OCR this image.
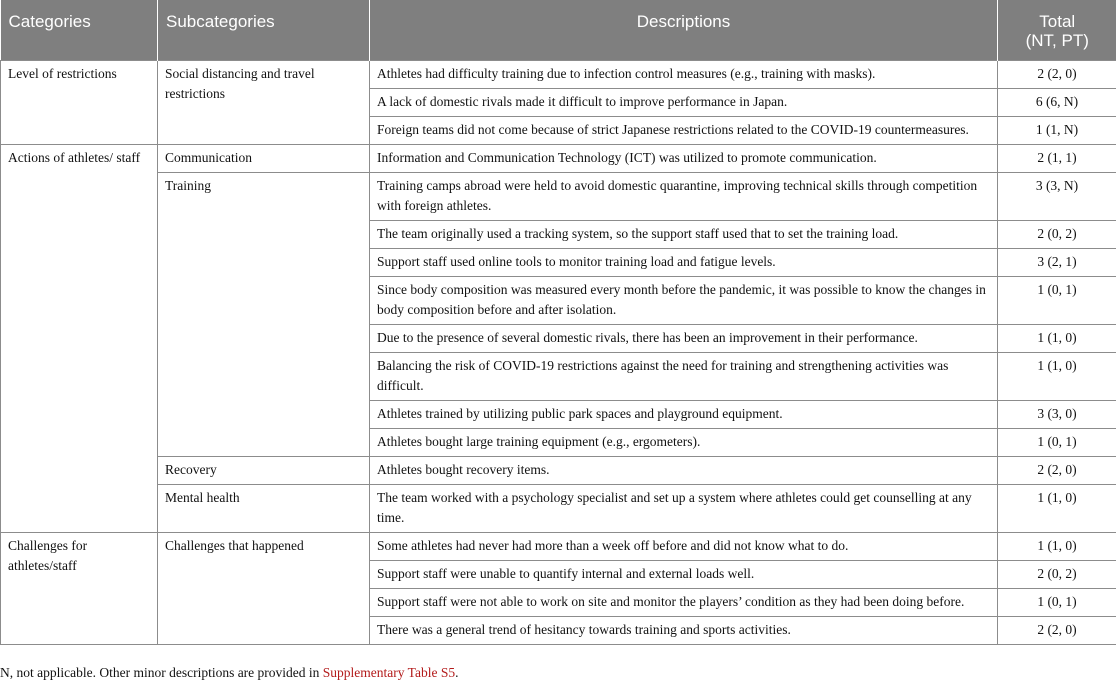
Categories	Subcategories	Descriptions	Total
(NT, PT)
Level of restrictions	Social distancing and travel restrictions	Athletes had difficulty training due to infection control measures (e.g., training with masks).	2 (2, 0)
		A lack of domestic rivals made it difficult to improve performance in Japan.	6 (6, N)
		Foreign teams did not come because of strict Japanese restrictions related to the COVID-19 countermeasures.	1 (1, N)
Actions of athletes/ staff	Communication	Information and Communication Technology (ICT) was utilized to promote communication.	2 (1, 1)
	Training	Training camps abroad were held to avoid domestic quarantine, improving technical skills through competition with foreign athletes.	3 (3, N)
		The team originally used a tracking system, so the support staff used that to set the training load.	2 (0, 2)
		Support staff used online tools to monitor training load and fatigue levels.	3 (2, 1)
		Since body composition was measured every month before the pandemic, it was possible to know the changes in body composition before and after isolation.	1 (0, 1)
		Due to the presence of several domestic rivals, there has been an improvement in their performance.	1 (1, 0)
		Balancing the risk of COVID-19 restrictions against the need for training and strengthening activities was difficult.	1 (1, 0)
		Athletes trained by utilizing public park spaces and playground equipment.	3 (3, 0)
		Athletes bought large training equipment (e.g., ergometers).	1 (0, 1)
	Recovery	Athletes bought recovery items.	2 (2, 0)
	Mental health	The team worked with a psychology specialist and set up a system where athletes could get counselling at any time.	1 (1, 0)
Challenges for athletes/staff	Challenges that happened	Some athletes had never had more than a week off before and did not know what to do.	1 (1, 0)
		Support staff were unable to quantify internal and external loads well.	2 (0, 2)
		Support staff were not able to work on site and monitor the players’ condition as they had been doing before.	1 (0, 1)
		There was a general trend of hesitancy towards training and sports activities.	2 (2, 0)
N, not applicable. Other minor descriptions are provided in Supplementary Table S5.
